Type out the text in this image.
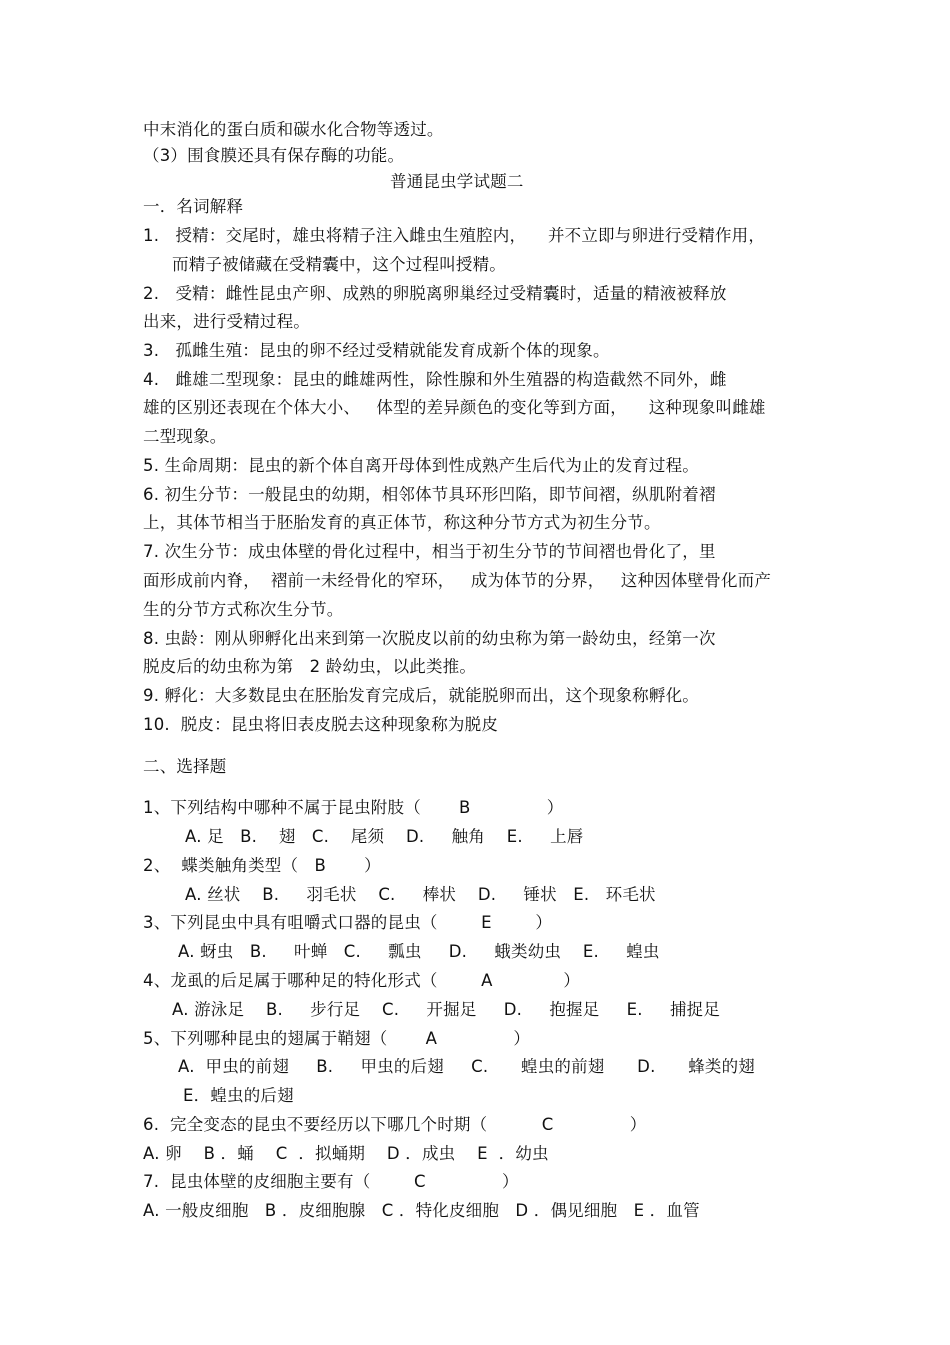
中末消化的蛋白质和碳水化合物等透过。
（3）围食膜还具有保存酶的功能。
普通昆虫学试题二
一．名词解释
1.   授精：交尾时，雄虫将精子注入雌虫生殖腔内，    并不立即与卵进行受精作用，
而精子被储藏在受精囊中，这个过程叫授精。
2.   受精：雌性昆虫产卵、成熟的卵脱离卵巢经过受精囊时，适量的精液被释放
出来，进行受精过程。
3.   孤雌生殖：昆虫的卵不经过受精就能发育成新个体的现象。
4.   雌雄二型现象：昆虫的雌雄两性，除性腺和外生殖器的构造截然不同外，雌
雄的区别还表现在个体大小、   体型的差异颜色的变化等到方面，    这种现象叫雌雄
二型现象。
5. 生命周期：昆虫的新个体自离开母体到性成熟产生后代为止的发育过程。
6. 初生分节：一般昆虫的幼期，相邻体节具环形凹陷，即节间褶，纵肌附着褶
上，其体节相当于胚胎发育的真正体节，称这种分节方式为初生分节。
7. 次生分节：成虫体壁的骨化过程中，相当于初生分节的节间褶也骨化了，里
面形成前内脊，  褶前一未经骨化的窄环，   成为体节的分界，   这种因体壁骨化而产
生的分节方式称次生分节。
8. 虫龄：刚从卵孵化出来到第一次脱皮以前的幼虫称为第一龄幼虫，经第一次
脱皮后的幼虫称为第   2 龄幼虫，以此类推。
9. 孵化：大多数昆虫在胚胎发育完成后，就能脱卵而出，这个现象称孵化。
10.  脱皮：昆虫将旧表皮脱去这种现象称为脱皮
二、选择题
1、下列结构中哪种不属于昆虫附肢（       B              ）
A. 足   B.    翅   C.    尾须    D.     触角    E.     上唇
2、  蝶类触角类型（   B       ）
A. 丝状    B.     羽毛状    C.     棒状    D.     锤状   E.   环毛状
3、下列昆虫中具有咀嚼式口器的昆虫（        E        ）
A. 蚜虫   B.     叶蝉   C.     瓢虫     D.     蛾类幼虫    E.     蝗虫
4、龙虱的后足属于哪种足的特化形式（        A             ）
A. 游泳足    B.     步行足    C.     开掘足     D.     抱握足     E.     捕捉足
5、下列哪种昆虫的翅属于鞘翅（       A              ）
A.  甲虫的前翅     B.     甲虫的后翅     C.      蝗虫的前翅      D.      蜂类的翅
E．蝗虫的后翅
6.  完全变态的昆虫不要经历以下哪几个时期（          C              ）
A. 卵    B ．蛹    C  ．拟蛹期    D ．成虫    E  ．幼虫
7.  昆虫体壁的皮细胞主要有（        C              ）
A. 一般皮细胞   B ．皮细胞腺   C ．特化皮细胞   D ．偶见细胞   E ．血管
